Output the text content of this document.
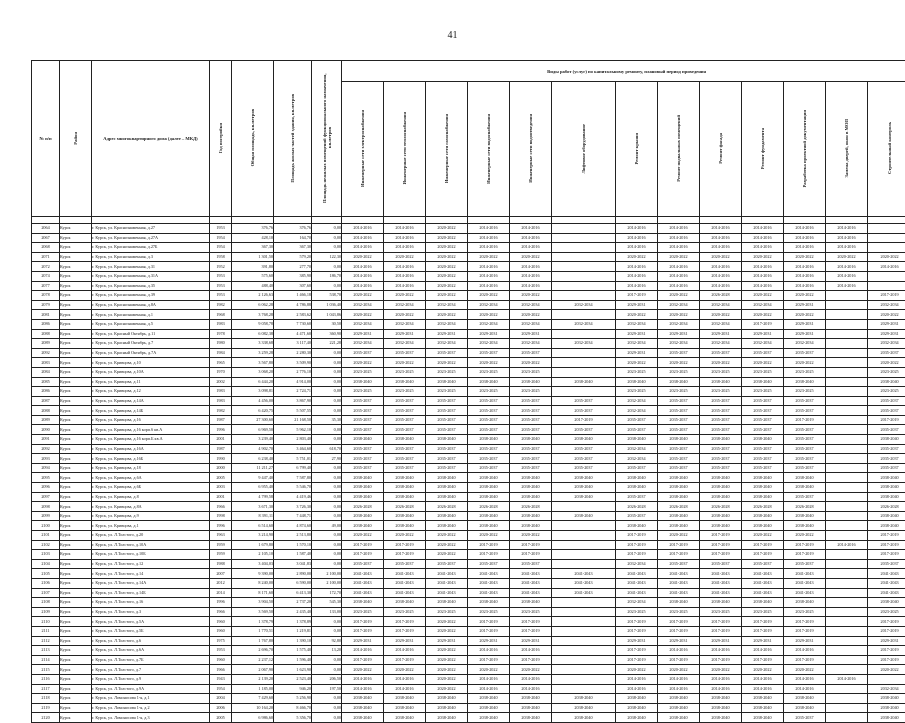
41
№ п/п	Район	Адрес многоквартирного дома (далее – МКД)	Год постройки	Общая площадь, кв.метров	Площадь жилых частей здания, кв.метров	Площадь нежилых помещений функционального назначения, кв.метров	Виды работ (услуг) по капитальному ремонту, плановый период проведения												
							Инженерные сети электроснабжения	Инженерные сети теплоснабжения	Инженерные сети газоснабжения	Инженерные сети водоснабжения	Инженерные сети водоотведения	Лифтовое оборудование	Ремонт крыши	Ремонт подвальных помещений	Ремонт фасада	Ремонт фундамента	Разработка проектной документации	Замена дверей, окон в МОП	Строительный контроль

2064	Курск	г. Курск, ул. Краснознаменная, д.27	1953	376,76	376,76	0,00	2014-2016	2014-2016	2020-2022	2014-2016	2014-2016		2014-2016	2014-2016	2014-2016	2014-2016	2014-2016	2014-2016	
2067	Курск	г. Курск, ул. Краснознаменная, д.27А	1954	428,10	164,70	0,00	2014-2016	2014-2016	2020-2022	2014-2016	2014-2016		2014-2016	2014-2016	2014-2016	2014-2016	2014-2016	2014-2016	
2068	Курск	г. Курск, ул. Краснознаменная, д.27Б	1954	367,30	367,30	0,00	2014-2016	2014-2016	2020-2022	2014-2016	2014-2016		2014-2016	2014-2016	2014-2016	2014-2016	2014-2016	2014-2016	
2071	Курск	г. Курск, ул. Краснознаменная, д.3	1958	1 301,50	579,20	122,30	2020-2022	2020-2022	2020-2022	2020-2022	2020-2022		2020-2022	2020-2022	2020-2022	2020-2022	2020-2022	2020-2022	2020-2022
2072	Курск	г. Курск, ул. Краснознаменная, д.31	1952	391,80	277,70	0,00	2014-2016	2014-2016	2020-2022	2014-2016	2014-2016		2014-2016	2014-2016	2014-2016	2014-2016	2014-2016	2014-2016	2014-2016
2074	Курск	г. Курск, ул. Краснознаменная, д.31А	1953	575,60	385,90	186,70	2014-2016	2014-2016	2020-2022	2014-2016	2014-2016		2014-2016	2014-2016	2014-2016	2014-2016	2014-2016	2014-2016	
2077	Курск	г. Курск, ул. Краснознаменная, д.35	1953	488,40	307,60	0,00	2014-2016	2014-2016	2020-2022	2014-2016	2014-2016		2014-2016	2014-2016	2014-2016	2014-2016	2014-2016	2014-2016	
2078	Курск	г. Курск, ул. Краснознаменная, д.39	1953	2 126,63	1 466,18	538,70	2020-2022	2020-2022	2020-2022	2020-2022	2020-2022		2017-2019	2020-2022	2026-2028	2020-2022	2020-2022		2017-2019
2079	Курск	г. Курск, ул. Краснознаменная, д.8А	1982	6 062,28	4 786,88	1 036,40	2032-2034	2032-2034	2032-2034	2032-2034	2032-2034	2032-2034	2029-2031	2032-2034	2032-2034	2032-2034	2029-2031		2032-2034
2081	Курск	г. Курск, ул. Краснознаменная, д.1	1968	3 768,28	2 583,62	1 043,86	2020-2022	2020-2022	2020-2022	2020-2022	2020-2022		2020-2022	2020-2022	2020-2022	2020-2022	2020-2022		2020-2022
2086	Курск	г. Курск, ул. Краснознаменная, д.5	1983	9 058,78	7 730,60	30,50	2032-2034	2032-2034	2032-2034	2032-2034	2032-2034	2032-2034	2032-2034	2032-2034	2032-2034	2017-2019	2029-2031		2029-2031
2088	Курск	г. Курск, ул. Красный Октябрь, д.11	1978	6 082,38	4 471,60	360,90	2029-2031	2029-2031	2029-2031	2029-2031	2029-2031		2029-2031	2029-2031	2029-2031	2029-2031	2029-2031		2029-2031
2089	Курск	г. Курск, ул. Красный Октябрь, д.7	1980	3 338,68	3 117,40	221,28	2032-2034	2032-2034	2032-2034	2032-2034	2032-2034	2032-2034	2032-2034	2032-2034	2032-2034	2032-2034	2032-2034		2032-2034
2092	Курск	г. Курск, ул. Красный Октябрь, д.7А	1984	3 259,28	2 280,30	0,00	2035-2037	2035-2037	2035-2037	2035-2037	2035-2037		2029-2031	2035-2037	2035-2037	2035-2037	2035-2037		2035-2037
2083	Курск	г. Курск, ул. Кривцова, д.10	1965	3 567,80	3 509,90	0,00	2020-2022	2020-2022	2020-2022	2020-2022	2020-2022		2020-2022	2020-2022	2020-2022	2020-2022	2020-2022		2020-2022
2084	Курск	г. Курск, ул. Кривцова, д.10А	1970	3 068,20	2 776,10	0,00	2023-2025	2023-2025	2023-2025	2023-2025	2023-2025		2023-2025	2023-2025	2023-2025	2023-2025	2023-2025		2023-2025
2085	Курск	г. Курск, ул. Кривцова, д.11	2002	6 444,20	4 914,00	0,00	2038-2040	2038-2040	2038-2040	2038-2040	2038-2040	2038-2040	2038-2040	2038-2040	2038-2040	2038-2040	2038-2040		2038-2040
2086	Курск	г. Курск, ул. Кривцова, д.12	1983	3 098,81	2 724,71	0,00	2023-2025	2023-2025	2023-2025	2023-2025	2023-2025		2023-2025	2023-2025	2023-2025	2023-2025	2023-2025		2023-2025
2087	Курск	г. Курск, ул. Кривцова, д.14А	1983	4 456,00	3 867,90	0,00	2035-2037	2035-2037	2035-2037	2035-2037	2035-2037	2035-2037	2032-2034	2035-2037	2035-2037	2035-2037	2035-2037		2035-2037
2088	Курск	г. Курск, ул. Кривцова, д.14Б	1982	6 420,75	5 507,55	0,00	2035-2037	2035-2037	2035-2037	2035-2037	2035-2037	2035-2037	2032-2034	2035-2037	2035-2037	2035-2037	2035-2037		2035-2037
2089	Курск	г. Курск, ул. Кривцова, д.16	1987	27 300,60	21 168,50	35,30	2035-2037	2035-2037	2035-2037	2035-2037	2035-2037	2017-2019	2035-2037	2035-2037	2035-2037	2035-2037	2017-2019		2017-2019
2090	Курск	г. Курск, ул. Кривцова, д.16 корп.6 кв.А	1996	6 969,50	5 962,10	0,00	2035-2037	2035-2037	2035-2037	2035-2037	2035-2037	2035-2037	2035-2037	2035-2037	2035-2037	2035-2037	2035-2037		2035-2037
2091	Курск	г. Курск, ул. Кривцова, д.16 корп.Б кв.А	2001	3 239,40	2 803,40	0,00	2038-2040	2038-2040	2038-2040	2038-2040	2038-2040	2038-2040	2038-2040	2038-2040	2038-2040	2038-2040	2035-2037		2038-2040
2092	Курск	г. Курск, ул. Кривцова, д.16А	1987	4 902,70	3 464,60	618,70	2035-2037	2035-2037	2035-2037	2035-2037	2035-2037	2035-2037	2032-2034	2035-2037	2035-2037	2035-2037	2035-2037		2035-2037
2093	Курск	г. Курск, ул. Кривцова, д.16Б	1990	6 238,40	5 751,01	27,90	2035-2037	2035-2037	2035-2037	2035-2037	2035-2037	2035-2037	2032-2034	2035-2037	2035-2037	2035-2037	2035-2037		2035-2037
2094	Курск	г. Курск, ул. Кривцова, д.18	2000	11 211,27	6 799,40	0,00	2035-2037	2035-2037	2035-2037	2035-2037	2035-2037	2035-2037	2035-2037	2035-2037	2035-2037	2035-2037	2035-2037		2035-2037
2095	Курск	г. Курск, ул. Кривцова, д.6А	2005	9 447,40	7 587,80	0,00	2038-2040	2038-2040	2038-2040	2038-2040	2038-2040	2038-2040	2038-2040	2038-2040	2038-2040	2038-2040	2038-2040		2038-2040
2096	Курск	г. Курск, ул. Кривцова, д.6Б	2003	6 955,40	5 546,70	0,00	2038-2040	2038-2040	2038-2040	2038-2040	2038-2040	2038-2040	2038-2040	2038-2040	2038-2040	2038-2040	2038-2040		2038-2040
2097	Курск	г. Курск, ул. Кривцова, д.8	2001	4 799,58	4 419,46	0,00	2038-2040	2038-2040	2038-2040	2038-2040	2038-2040	2038-2040	2035-2037	2038-2040	2038-2040	2038-2040	2035-2037		2038-2040
2098	Курск	г. Курск, ул. Кривцова, д.8А	1966	3 671,30	3 726,30	0,00	2026-2028	2026-2028	2026-2028	2026-2028	2026-2028		2026-2028	2026-2028	2026-2028	2026-2028	2026-2028		2026-2028
2099	Курск	г. Курск, ул. Кривцова, д.9	1998	8 391,11	7 448,71	0,00	2038-2040	2038-2040	2038-2040	2038-2040	2038-2040	2038-2040	2035-2037	2038-2040	2038-2040	2038-2040	2038-2040		2038-2040
2100	Курск	г. Курск, ул. Кривцова, д.1	1996	6 514,60	4 874,60	49,00	2038-2040	2038-2040	2038-2040	2038-2040	2038-2040		2038-2040	2038-2040	2038-2040	2038-2040	2038-2040		2038-2040
2101	Курск	г. Курск, ул. Л.Толстого, д.20	1963	3 214,90	2 513,80	0,00	2020-2022	2020-2022	2020-2022	2020-2022	2020-2022		2017-2019	2020-2022	2017-2019	2020-2022	2020-2022		2017-2019
2102	Курск	г. Курск, ул. Л.Толстого, д.10А	1959	1 679,80	1 570,10	0,00	2017-2019	2017-2019	2020-2022	2017-2019	2017-2019		2017-2019	2017-2019	2017-2019	2017-2019	2017-2019	2014-2016	2017-2019
2103	Курск	г. Курск, ул. Л.Толстого, д.10Б	1959	2 105,10	1 587,40	0,00	2017-2019	2017-2019	2020-2022	2017-2019	2017-2019		2017-2019	2017-2019	2017-2019	2017-2019	2017-2019		2017-2019
2104	Курск	г. Курск, ул. Л.Толстого, д.12	1988	3 404,03	3 041,83	0,00	2035-2037	2035-2037	2035-2037	2035-2037	2035-2037		2032-2034	2035-2037	2035-2037	2035-2037	2035-2037		2035-2037
2105	Курск	г. Курск, ул. Л.Толстого, д.14	2007	9 390,00	2 890,00	2 100,00	2041-2043	2041-2043	2041-2043	2041-2043	2041-2043	2041-2043	2041-2043	2041-2043	2041-2043	2041-2043	2041-2043		2041-2043
2106	Курск	г. Курск, ул. Л.Толстого, д.14А	2012	8 240,00	6 590,00	2 100,00	2041-2043	2041-2043	2041-2043	2041-2043	2041-2043	2041-2043	2041-2043	2041-2043	2041-2043	2041-2043	2041-2043		2041-2043
2107	Курск	г. Курск, ул. Л.Толстого, д.14Б	2014	8 171,60	6 413,30	172,70	2041-2043	2041-2043	2041-2043	2041-2043	2041-2043	2041-2043	2041-2043	2041-2043	2041-2043	2041-2043	2041-2043		2041-2043
2108	Курск	г. Курск, ул. Л.Толстого, д.16	1996	3 904,50	2 737,20	545,30	2038-2040	2038-2040	2038-2040	2038-2040	2038-2040		2032-2034	2038-2040	2038-2040	2038-2040	2038-2040		2038-2040
2109	Курск	г. Курск, ул. Л.Толстого, д.3	1966	3 569,50	2 435,40	133,00	2023-2025	2023-2025	2023-2025	2023-2025	2023-2025		2023-2025	2023-2025	2023-2025	2023-2025	2023-2025		2023-2025
2110	Курск	г. Курск, ул. Л.Толстого, д.5А	1960	1 378,79	1 378,89	0,00	2017-2019	2017-2019	2020-2022	2017-2019	2017-2019		2017-2019	2017-2019	2017-2019	2017-2019	2017-2019		2017-2019
2111	Курск	г. Курск, ул. Л.Толстого, д.5Б	1960	1 770,51	1 219,81	0,00	2017-2019	2017-2019	2020-2022	2017-2019	2017-2019		2017-2019	2017-2019	2017-2019	2017-2019	2017-2019		2017-2019
2112	Курск	г. Курск, ул. Л.Толстого, д.6	1975	1 767,80	1 390,10	92,80	2029-2031	2029-2031	2029-2031	2029-2031	2029-2031		2029-2031	2029-2031	2029-2031	2029-2031	2029-2031		2029-2031
2113	Курск	г. Курск, ул. Л.Толстого, д.6А	1953	2 696,70	1 575,40	13,20	2014-2016	2014-2016	2020-2022	2014-2016	2014-2016		2017-2019	2014-2016	2014-2016	2014-2016	2014-2016		2017-2019
2114	Курск	г. Курск, ул. Л.Толстого, д.7Б	1960	2 237,12	1 596,40	0,00	2017-2019	2017-2019	2020-2022	2017-2019	2017-2019		2017-2019	2017-2019	2017-2019	2017-2019	2017-2019		2017-2019
2115	Курск	г. Курск, ул. Л.Толстого, д.7	1966	2 067,90	1 623,90	0,00	2020-2022	2020-2022	2020-2022	2020-2022	2020-2022		2020-2022	2020-2022	2020-2022	2020-2022	2020-2022		2020-2022
2116	Курск	г. Курск, ул. Л.Толстого, д.9	1943	2 139,20	2 523,40	206,50	2014-2016	2014-2016	2020-2022	2014-2016	2014-2016		2014-2016	2014-2016	2014-2016	2014-2016	2014-2016	2014-2016	
2117	Курск	г. Курск, ул. Л.Толстого, д.9А	1954	1 185,00	946,20	197,50	2014-2016	2014-2016	2020-2022	2014-2016	2014-2016		2014-2016	2014-2016	2014-2016	2014-2016	2014-2016		2032-2034
2118	Курск	г. Курск, ул. Ломоносова 1-я, д.1	2004	7 429,60	5 256,90	0,00	2038-2040	2038-2040	2038-2040	2038-2040	2038-2040	2038-2040	2038-2040	2038-2040	2038-2040	2038-2040	2038-2040		2038-2040
2119	Курск	г. Курск, ул. Ломоносова 1-я, д.2	2006	10 164,20	8 466,70	0,00	2038-2040	2038-2040	2038-2040	2038-2040	2038-2040	2038-2040	2038-2040	2038-2040	2038-2040	2038-2040	2038-2040		2038-2040
2120	Курск	г. Курск, ул. Ломоносова 1-я, д.3	2005	6 986,60	5 356,70	0,00	2038-2040	2038-2040	2038-2040	2038-2040	2038-2040	2038-2040	2038-2040	2038-2040	2038-2040	2038-2040	2035-2037		2038-2040
